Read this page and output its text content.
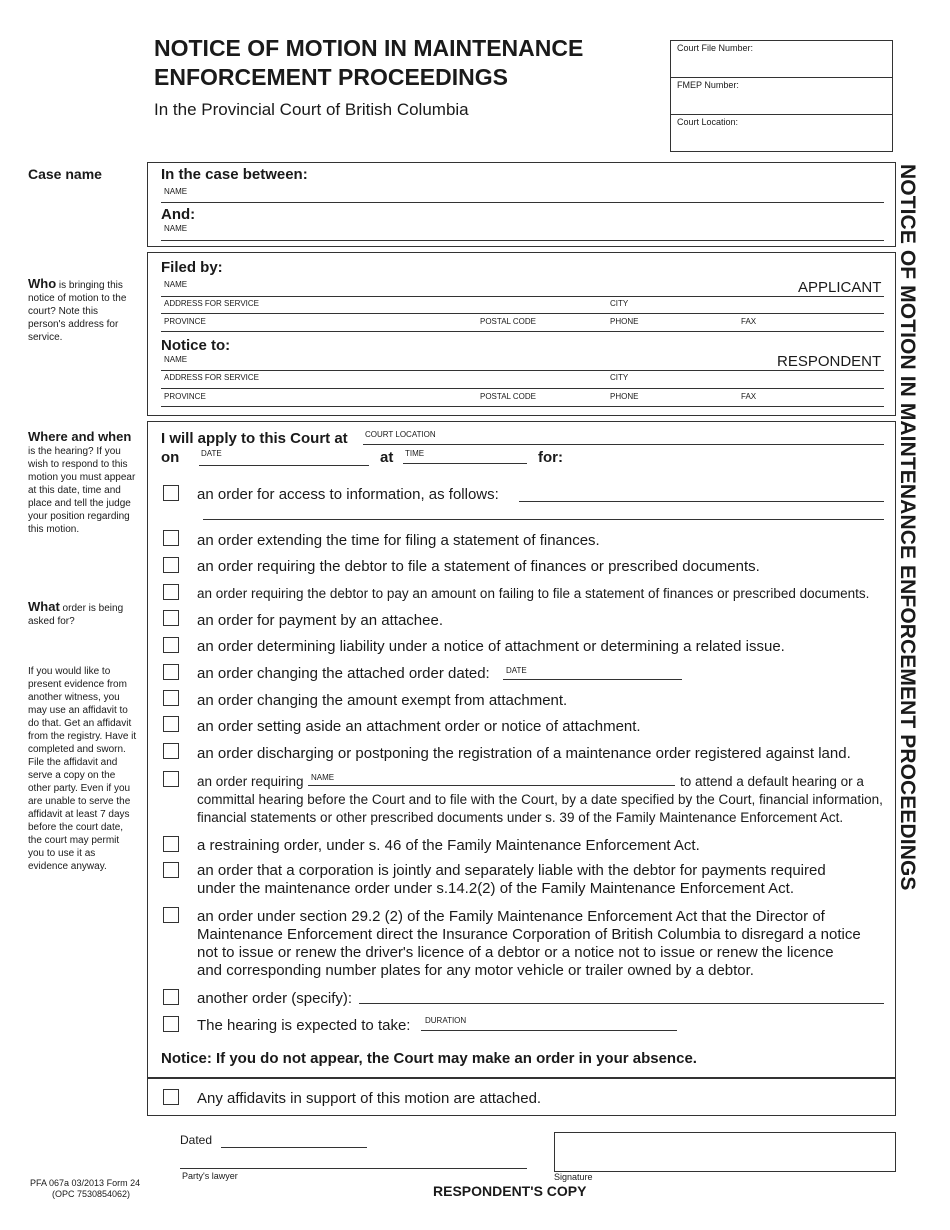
NOTICE OF MOTION IN MAINTENANCE
ENFORCEMENT PROCEEDINGS
In the Provincial Court of British Columbia
Court File Number:
FMEP Number:
Court Location:
NOTICE OF MOTION IN MAINTENANCE ENFORCEMENT PROCEEDINGS
Case name
Who is bringing this notice of motion to the court? Note this person's address for service.
Where and when is the hearing? If you wish to respond to this motion you must appear at this date, time and place and tell the judge your position regarding this motion.
What order is being asked for?
If you would like to present evidence from another witness, you may use an affidavit to do that. Get an affidavit from the registry. Have it completed and sworn. File the affidavit and serve a copy on the other party. Even if you are unable to serve the affidavit at least 7 days before the court date, the court may permit you to use it as evidence anyway.
In the case between:
NAME
And:
NAME
Filed by:
NAME	APPLICANT
ADDRESS FOR SERVICE	CITY
PROVINCE	POSTAL CODE	PHONE	FAX
Notice to:
NAME	RESPONDENT
ADDRESS FOR SERVICE	CITY
PROVINCE	POSTAL CODE	PHONE	FAX
I will apply to this Court at COURT LOCATION
on	DATE	at TIME	for:
an order for access to information, as follows:
an order extending the time for filing a statement of finances.
an order requiring the debtor to file a statement of finances or prescribed documents.
an order requiring the debtor to pay an amount on failing to file a statement of finances or prescribed documents.
an order for payment by an attachee.
an order determining liability under a notice of attachment or determining a related issue.
an order changing the attached order dated: DATE
an order changing the amount exempt from attachment.
an order setting aside an attachment order or notice of attachment.
an order discharging or postponing the registration of a maintenance order registered against land.
an order requiring NAME	to attend a default hearing or a
committal hearing before the Court and to file with the Court, by a date specified by the Court, financial information,
financial statements or other prescribed documents under s. 39 of the Family Maintenance Enforcement Act.
a restraining order, under s. 46 of the Family Maintenance Enforcement Act.
an order that a corporation is jointly and separately liable with the debtor for payments required
under the maintenance order under s.14.2(2) of the Family Maintenance Enforcement Act.
an order under section 29.2 (2) of the Family Maintenance Enforcement Act that the Director of
Maintenance Enforcement direct the Insurance Corporation of British Columbia to disregard a notice
not to issue or renew the driver's licence of a debtor or a notice not to issue or renew the licence
and corresponding number plates for any motor vehicle or trailer owned by a debtor.
another order (specify):
The hearing is expected to take: DURATION
Notice: If you do not appear, the Court may make an order in your absence.
Any affidavits in support of this motion are attached.
Dated
Party's lawyer	Signature
RESPONDENT'S COPY
PFA 067a 03/2013 Form 24
(OPC 7530854062)
